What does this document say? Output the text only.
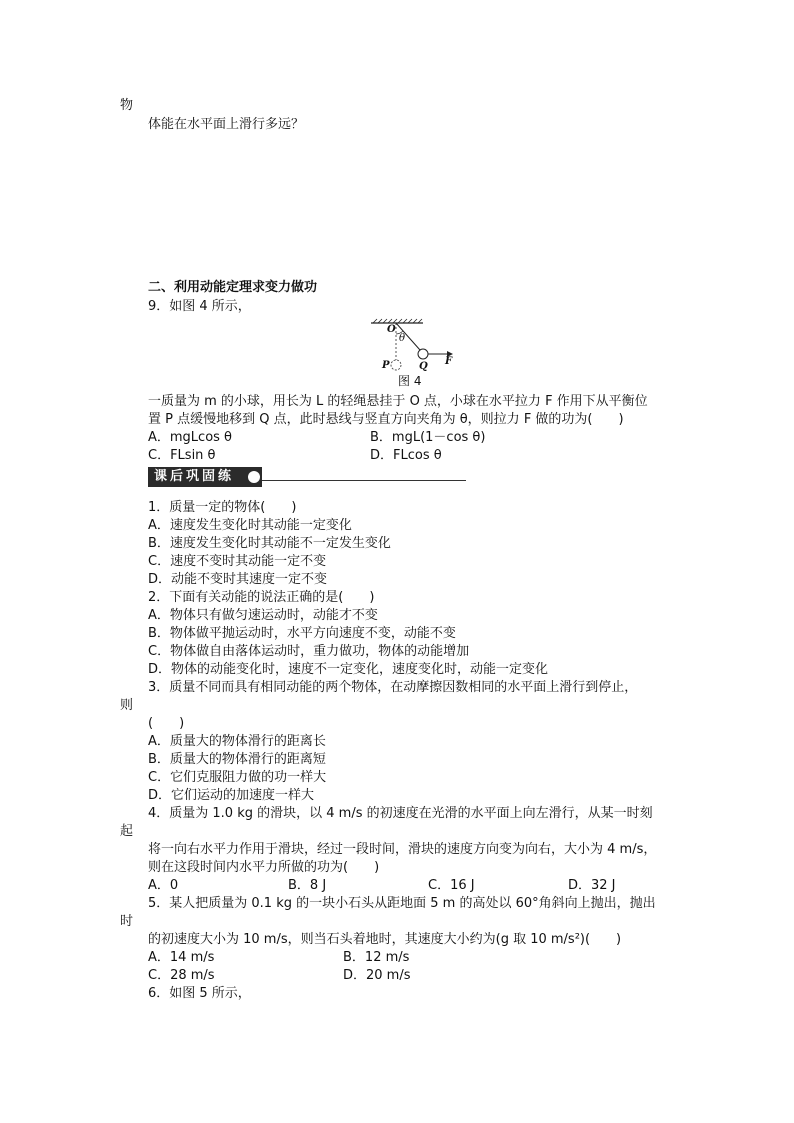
物
体能在水平面上滑行多远？
二、利用动能定理求变力做功
9．如图 4 所示，
O
θ
P	Q F
图 4
一质量为 m 的小球，用长为 L 的轻绳悬挂于 O 点，小球在水平拉力 F 作用下从平衡位
置 P 点缓慢地移到 Q 点，此时悬线与竖直方向夹角为 θ，则拉力 F 做的功为(　　)
A．mgLcos θ	B．mgL(1－cos θ)
C．FLsin θ	D．FLcos θ
课后巩固练
1．质量一定的物体(　　)
A．速度发生变化时其动能一定变化
B．速度发生变化时其动能不一定发生变化
C．速度不变时其动能一定不变
D．动能不变时其速度一定不变
2．下面有关动能的说法正确的是(　　)
A．物体只有做匀速运动时，动能才不变
B．物体做平抛运动时，水平方向速度不变，动能不变
C．物体做自由落体运动时，重力做功，物体的动能增加
D．物体的动能变化时，速度不一定变化，速度变化时，动能一定变化
3．质量不同而具有相同动能的两个物体，在动摩擦因数相同的水平面上滑行到停止，
则
(　　)
A．质量大的物体滑行的距离长
B．质量大的物体滑行的距离短
C．它们克服阻力做的功一样大
D．它们运动的加速度一样大
4．质量为 1.0 kg 的滑块，以 4 m/s 的初速度在光滑的水平面上向左滑行，从某一时刻
起
将一向右水平力作用于滑块，经过一段时间，滑块的速度方向变为向右，大小为 4 m/s，
则在这段时间内水平力所做的功为(　　)
A．0	B．8 J	C．16 J	D．32 J
5．某人把质量为 0.1 kg 的一块小石头从距地面 5 m 的高处以 60°角斜向上抛出，抛出
时
的初速度大小为 10 m/s，则当石头着地时，其速度大小约为(g 取 10 m/s²)(　　)
A．14 m/s	B．12 m/s
C．28 m/s	D．20 m/s
6．如图 5 所示，
